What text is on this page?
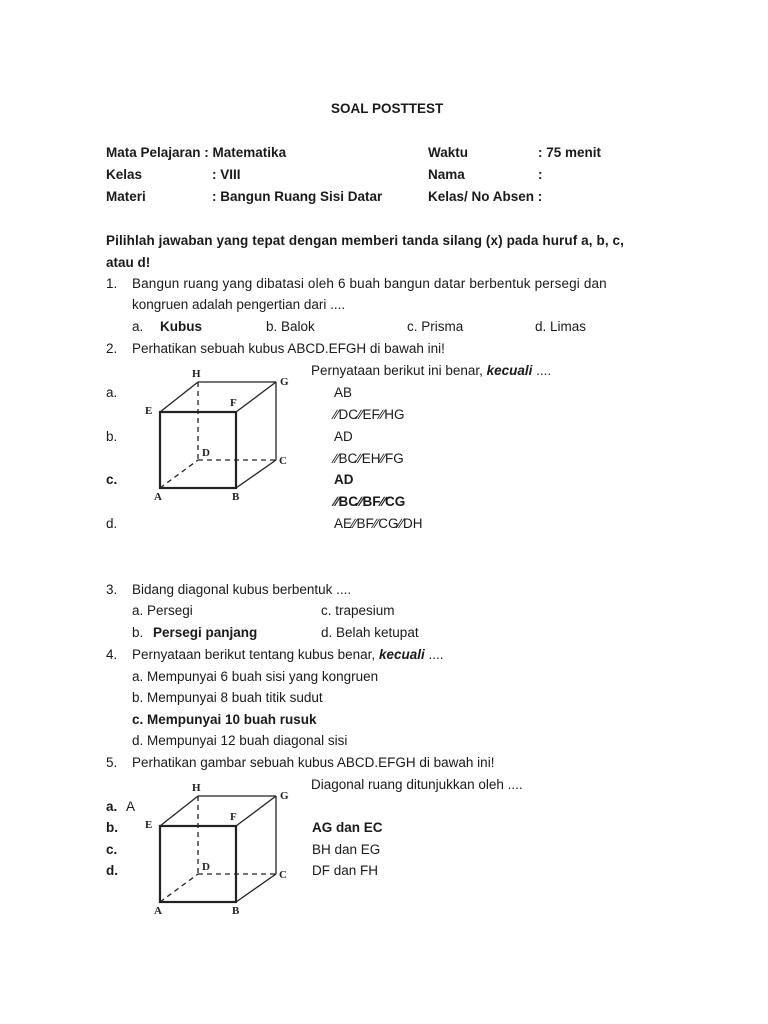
SOAL POSTTEST
Mata Pelajaran : Matematika	Waktu	: 75 menit
Kelas	: VIII	Nama	:
Materi	: Bangun Ruang Sisi Datar	Kelas/ No Absen :
Pilihlah jawaban yang tepat dengan memberi tanda silang (x) pada huruf a, b, c,
atau d!
1. Bangun ruang yang dibatasi oleh 6 buah bangun datar berbentuk persegi dan
kongruen adalah pengertian dari ....
a. Kubus	b. Balok	c. Prisma	d. Limas
2. Perhatikan sebuah kubus ABCD.EFGH di bawah ini!
Pernyataan berikut ini benar, kecuali ....
a.	AB
∕∕DC∕∕EF∕∕HG
b.	AD
∕∕BC∕∕EH∕∕FG
c.	AD
∕∕BC∕∕BF∕∕CG
d.	AE∕∕BF∕∕CG∕∕DH
H
G
E
F
D
C
A	B
3. Bidang diagonal kubus berbentuk ....
a. Persegi	c. trapesium
b. Persegi panjang	d. Belah ketupat
4. Pernyataan berikut tentang kubus benar, kecuali ....
a. Mempunyai 6 buah sisi yang kongruen
b. Mempunyai 8 buah titik sudut
c. Mempunyai 10 buah rusuk
d. Mempunyai 12 buah diagonal sisi
5. Perhatikan gambar sebuah kubus ABCD.EFGH di bawah ini!
Diagonal ruang ditunjukkan oleh ....
a. A
b.	AG dan EC
c.	BH dan EG
d.	DF dan FH
H
G
E
F
D
C
A	B
